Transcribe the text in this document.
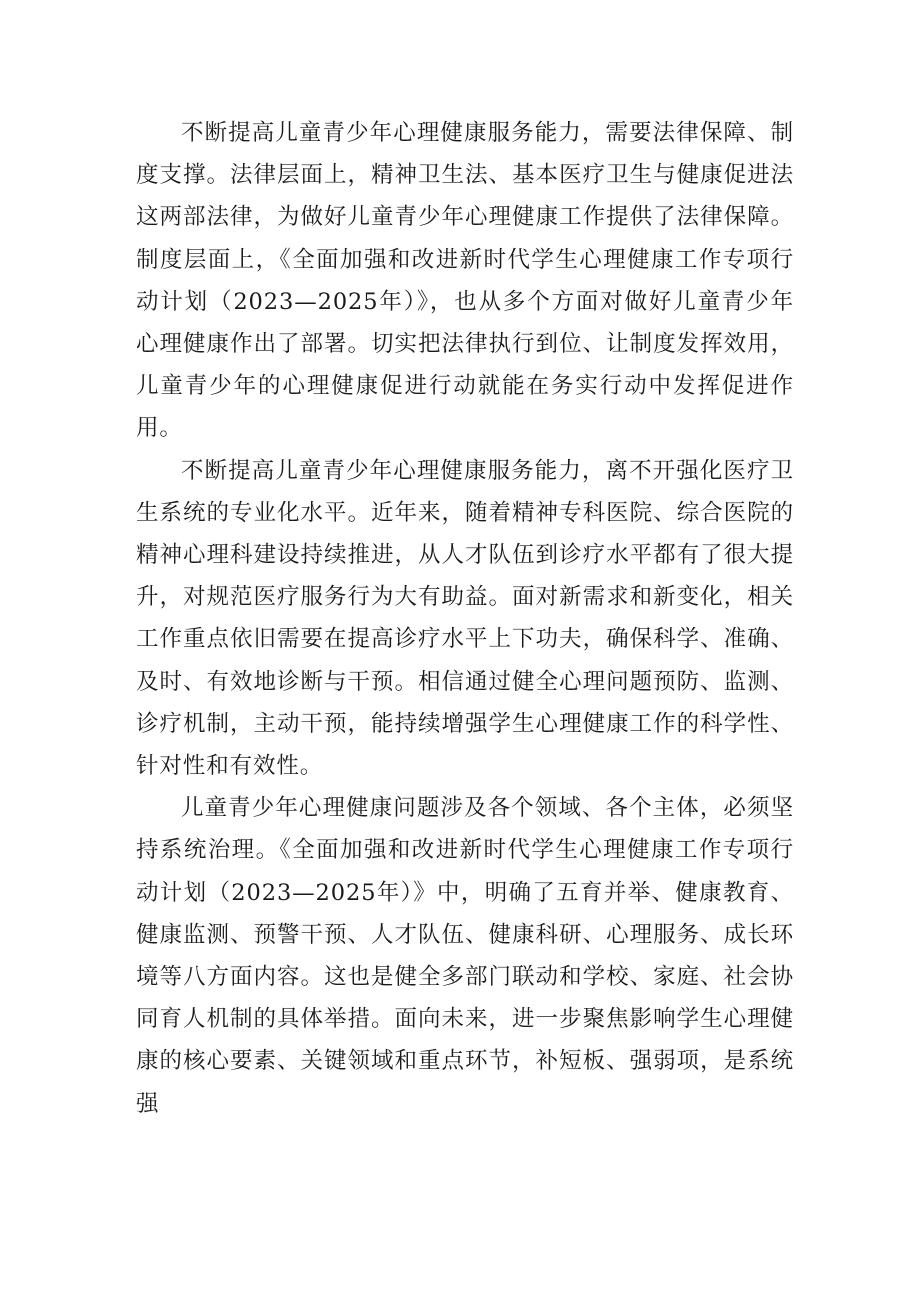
不断提高儿童青少年心理健康服务能力，需要法律保障、制度支撑。法律层面上，精神卫生法、基本医疗卫生与健康促进法这两部法律，为做好儿童青少年心理健康工作提供了法律保障。制度层面上，《全面加强和改进新时代学生心理健康工作专项行动计划（2023—2025年）》，也从多个方面对做好儿童青少年心理健康作出了部署。切实把法律执行到位、让制度发挥效用，儿童青少年的心理健康促进行动就能在务实行动中发挥促进作用。

不断提高儿童青少年心理健康服务能力，离不开强化医疗卫生系统的专业化水平。近年来，随着精神专科医院、综合医院的精神心理科建设持续推进，从人才队伍到诊疗水平都有了很大提升，对规范医疗服务行为大有助益。面对新需求和新变化，相关工作重点依旧需要在提高诊疗水平上下功夫，确保科学、准确、及时、有效地诊断与干预。相信通过健全心理问题预防、监测、诊疗机制，主动干预，能持续增强学生心理健康工作的科学性、针对性和有效性。

儿童青少年心理健康问题涉及各个领域、各个主体，必须坚持系统治理。《全面加强和改进新时代学生心理健康工作专项行动计划（2023—2025年）》中，明确了五育并举、健康教育、健康监测、预警干预、人才队伍、健康科研、心理服务、成长环境等八方面内容。这也是健全多部门联动和学校、家庭、社会协同育人机制的具体举措。面向未来，进一步聚焦影响学生心理健康的核心要素、关键领域和重点环节，补短板、强弱项，是系统强
